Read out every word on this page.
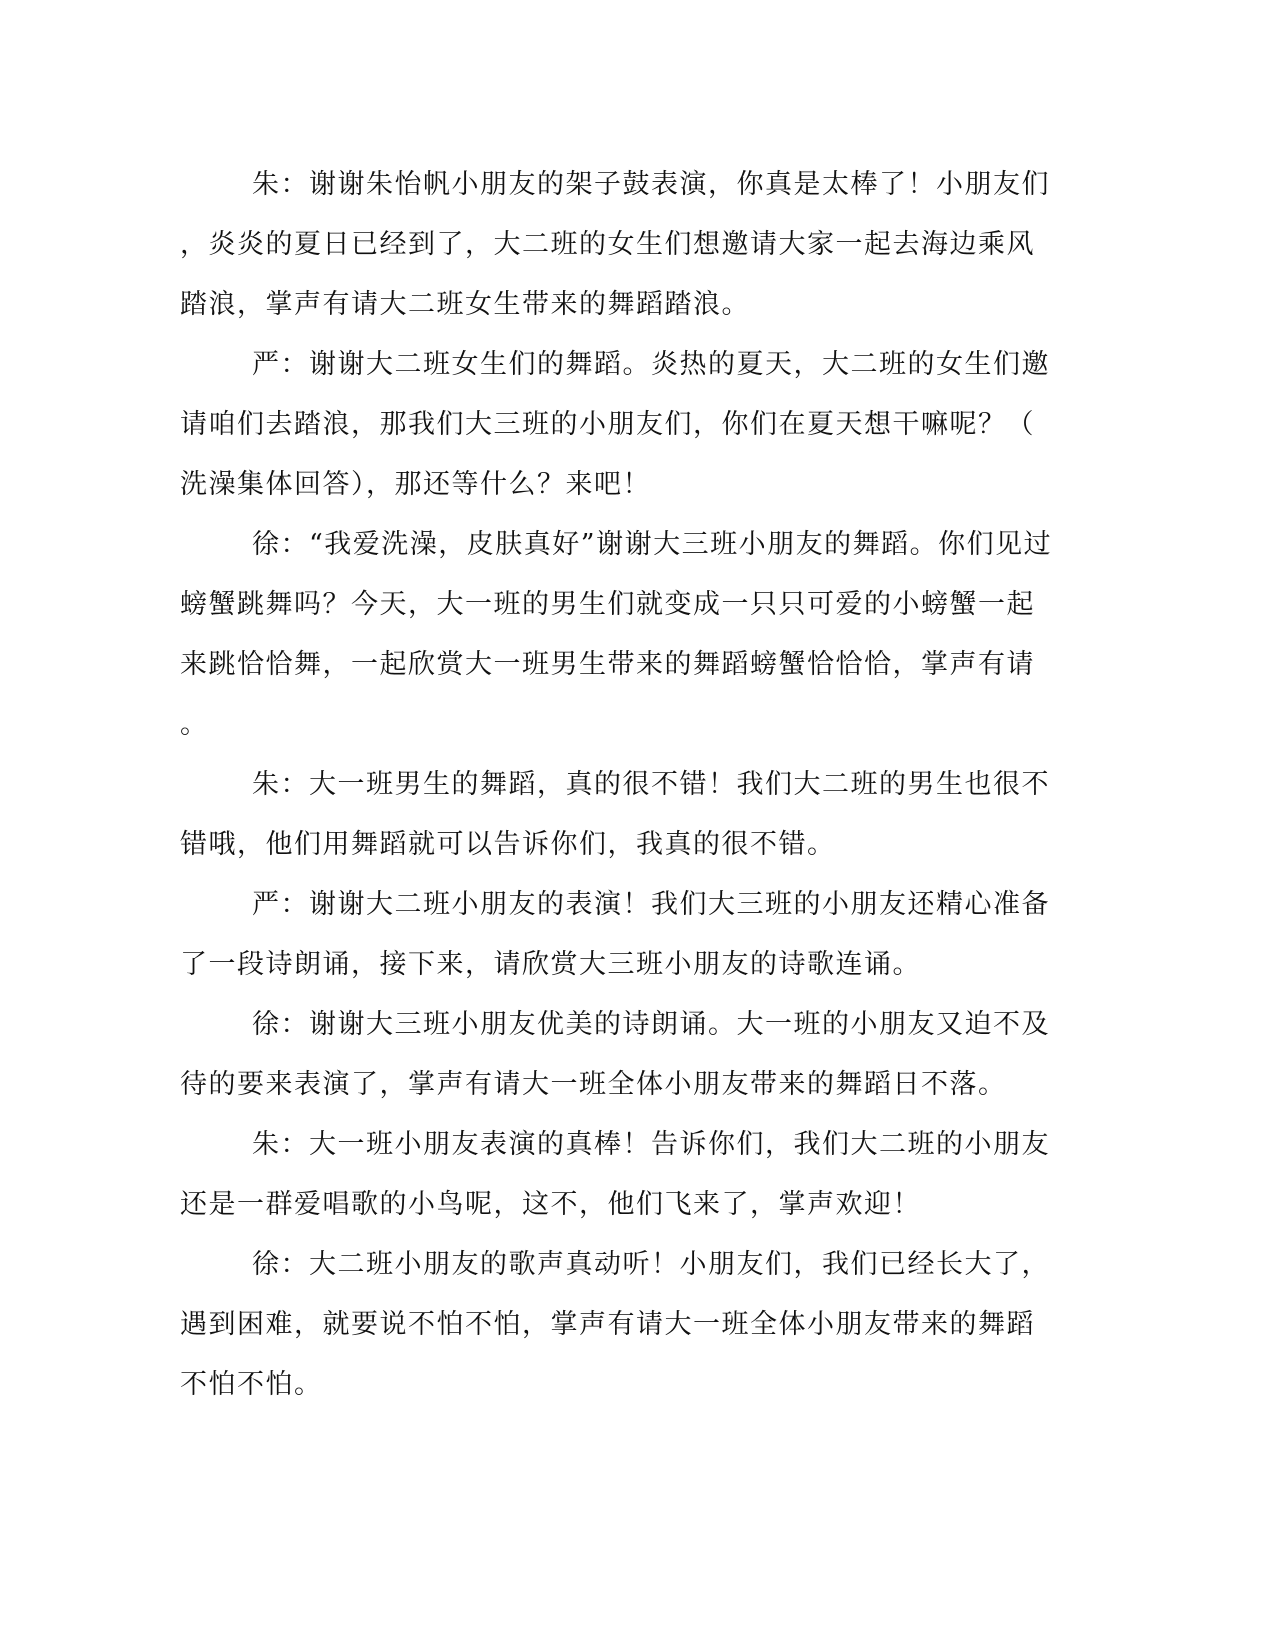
朱：谢谢朱怡帆小朋友的架子鼓表演，你真是太棒了！小朋友们
，炎炎的夏日已经到了，大二班的女生们想邀请大家一起去海边乘风
踏浪，掌声有请大二班女生带来的舞蹈踏浪。

严：谢谢大二班女生们的舞蹈。炎热的夏天，大二班的女生们邀
请咱们去踏浪，那我们大三班的小朋友们，你们在夏天想干嘛呢？（
洗澡集体回答），那还等什么？来吧！

徐：“我爱洗澡，皮肤真好”谢谢大三班小朋友的舞蹈。你们见过
螃蟹跳舞吗？今天，大一班的男生们就变成一只只可爱的小螃蟹一起
来跳恰恰舞，一起欣赏大一班男生带来的舞蹈螃蟹恰恰恰，掌声有请
。

朱：大一班男生的舞蹈，真的很不错！我们大二班的男生也很不
错哦，他们用舞蹈就可以告诉你们，我真的很不错。

严：谢谢大二班小朋友的表演！我们大三班的小朋友还精心准备
了一段诗朗诵，接下来，请欣赏大三班小朋友的诗歌连诵。

徐：谢谢大三班小朋友优美的诗朗诵。大一班的小朋友又迫不及
待的要来表演了，掌声有请大一班全体小朋友带来的舞蹈日不落。

朱：大一班小朋友表演的真棒！告诉你们，我们大二班的小朋友
还是一群爱唱歌的小鸟呢，这不，他们飞来了，掌声欢迎！

徐：大二班小朋友的歌声真动听！小朋友们，我们已经长大了，
遇到困难，就要说不怕不怕，掌声有请大一班全体小朋友带来的舞蹈
不怕不怕。
